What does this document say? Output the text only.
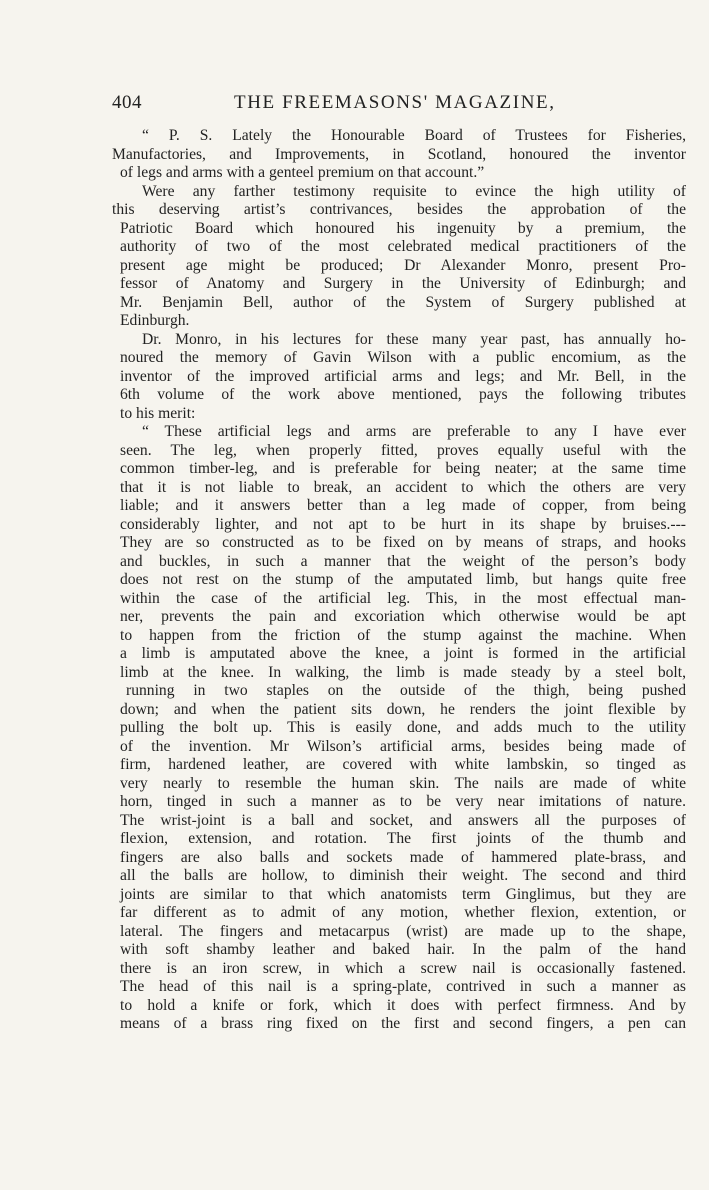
404	THE FREEMASONS' MAGAZINE,
“ P. S. Lately the Honourable Board of Trustees for Fisheries,
Manufactories, and Improvements, in Scotland, honoured the inventor
of legs and arms with a genteel premium on that account.”
Were any farther testimony requisite to evince the high utility of
this deserving artist’s contrivances, besides the approbation of the
Patriotic Board which honoured his ingenuity by a premium, the
authority of two of the most celebrated medical practitioners of the
present age might be produced; Dr Alexander Monro, present Pro-
fessor of Anatomy and Surgery in the University of Edinburgh; and
Mr. Benjamin Bell, author of the System of Surgery published at
Edinburgh.
Dr. Monro, in his lectures for these many year past, has annually ho-
noured the memory of Gavin Wilson with a public encomium, as the
inventor of the improved artificial arms and legs; and Mr. Bell, in the
6th volume of the work above mentioned, pays the following tributes
to his merit:
“ These artificial legs and arms are preferable to any I have ever
seen. The leg, when properly fitted, proves equally useful with the
common timber-leg, and is preferable for being neater; at the same time
that it is not liable to break, an accident to which the others are very
liable; and it answers better than a leg made of copper, from being
considerably lighter, and not apt to be hurt in its shape by bruises.---
They are so constructed as to be fixed on by means of straps, and hooks
and buckles, in such a manner that the weight of the person’s body
does not rest on the stump of the amputated limb, but hangs quite free
within the case of the artificial leg. This, in the most effectual man-
ner, prevents the pain and excoriation which otherwise would be apt
to happen from the friction of the stump against the machine. When
a limb is amputated above the knee, a joint is formed in the artificial
limb at the knee. In walking, the limb is made steady by a steel bolt,
running in two staples on the outside of the thigh, being pushed
down; and when the patient sits down, he renders the joint flexible by
pulling the bolt up. This is easily done, and adds much to the utility
of the invention. Mr Wilson’s artificial arms, besides being made of
firm, hardened leather, are covered with white lambskin, so tinged as
very nearly to resemble the human skin. The nails are made of white
horn, tinged in such a manner as to be very near imitations of nature.
The wrist-joint is a ball and socket, and answers all the purposes of
flexion, extension, and rotation. The first joints of the thumb and
fingers are also balls and sockets made of hammered plate-brass, and
all the balls are hollow, to diminish their weight. The second and third
joints are similar to that which anatomists term Ginglimus, but they are
far different as to admit of any motion, whether flexion, extention, or
lateral. The fingers and metacarpus (wrist) are made up to the shape,
with soft shamby leather and baked hair. In the palm of the hand
there is an iron screw, in which a screw nail is occasionally fastened.
The head of this nail is a spring-plate, contrived in such a manner as
to hold a knife or fork, which it does with perfect firmness. And by
means of a brass ring fixed on the first and second fingers, a pen can
